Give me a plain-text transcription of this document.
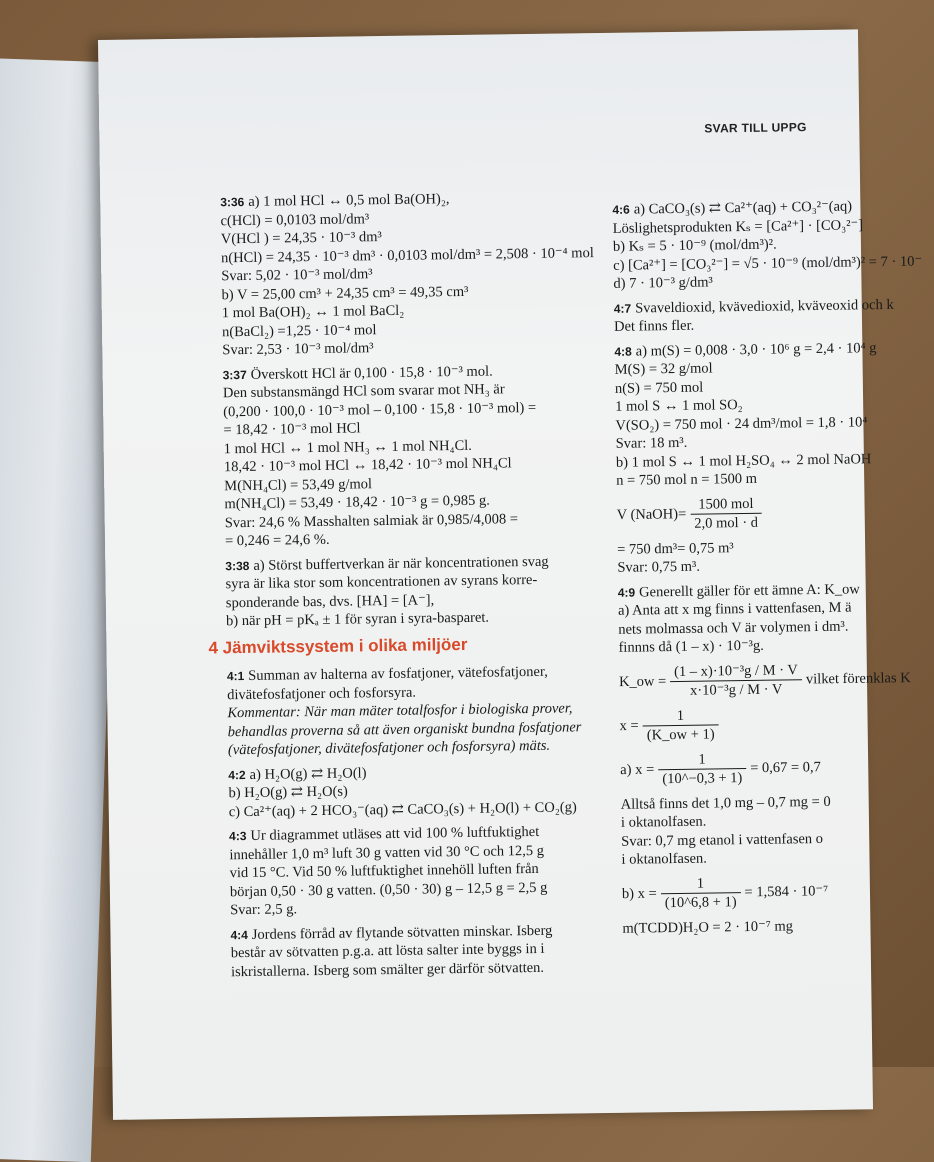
SVAR TILL UPPG
3:36 a) 1 mol HCl ↔ 0,5 mol Ba(OH)₂,
c(HCl) = 0,0103 mol/dm³
V(HCl ) = 24,35 · 10⁻³ dm³
n(HCl) = 24,35 · 10⁻³ dm³ · 0,0103 mol/dm³ = 2,508 · 10⁻⁴ mol
Svar: 5,02 · 10⁻³ mol/dm³
b) V = 25,00 cm³ + 24,35 cm³ = 49,35 cm³
1 mol Ba(OH)₂ ↔ 1 mol BaCl₂
n(BaCl₂) =1,25 · 10⁻⁴ mol
Svar: 2,53 · 10⁻³ mol/dm³
3:37 Överskott HCl är 0,100 · 15,8 · 10⁻³ mol.
Den substansmängd HCl som svarar mot NH₃ är
(0,200 · 100,0 · 10⁻³ mol – 0,100 · 15,8 · 10⁻³ mol) =
= 18,42 · 10⁻³ mol HCl
1 mol HCl ↔ 1 mol NH₃ ↔ 1 mol NH₄Cl.
18,42 · 10⁻³ mol HCl ↔ 18,42 · 10⁻³ mol NH₄Cl
M(NH₄Cl) = 53,49 g/mol
m(NH₄Cl) = 53,49 · 18,42 · 10⁻³ g = 0,985 g.
Svar: 24,6 % Masshalten salmiak är 0,985/4,008 =
= 0,246 = 24,6 %.
3:38 a) Störst buffertverkan är när koncentrationen svag
syra är lika stor som koncentrationen av syrans korre-
sponderande bas, dvs. [HA] = [A⁻],
b) när pH = pKₐ ± 1 för syran i syra-basparet.
4 Jämviktssystem i olika miljöer
4:1 Summan av halterna av fosfatjoner, vätefosfatjoner,
divätefosfatjoner och fosforsyra.
Kommentar: När man mäter totalfosfor i biologiska prover,
behandlas proverna så att även organiskt bundna fosfatjoner
(vätefosfatjoner, divätefosfatjoner och fosforsyra) mäts.
4:2 a) H₂O(g) ⇄ H₂O(l)
b) H₂O(g) ⇄ H₂O(s)
c) Ca²⁺(aq) + 2 HCO₃⁻(aq) ⇄ CaCO₃(s) + H₂O(l) + CO₂(g)
4:3 Ur diagrammet utläses att vid 100 % luftfuktighet
innehåller 1,0 m³ luft 30 g vatten vid 30 °C och 12,5 g
vid 15 °C. Vid 50 % luftfuktighet innehöll luften från
början 0,50 · 30 g vatten. (0,50 · 30) g – 12,5 g = 2,5 g
Svar: 2,5 g.
4:4 Jordens förråd av flytande sötvatten minskar. Isberg
består av sötvatten p.g.a. att lösta salter inte byggs in i
iskristallerna. Isberg som smälter ger därför sötvatten.
4:6 a) CaCO₃(s) ⇄ Ca²⁺(aq) + CO₃²⁻(aq)
Löslighetsprodukten Kₛ = [Ca²⁺] · [CO₃²⁻]
b) Kₛ = 5 · 10⁻⁹ (mol/dm³)².
c) [Ca²⁺] = [CO₃²⁻] = √5 · 10⁻⁹ (mol/dm³)² = 7 · 10⁻
d) 7 · 10⁻³ g/dm³
4:7 Svaveldioxid, kvävedioxid, kväveoxid och k
Det finns fler.
4:8 a) m(S) = 0,008 · 3,0 · 10⁶ g = 2,4 · 10⁴ g
M(S) = 32 g/mol
n(S) = 750 mol
1 mol S ↔ 1 mol SO₂
V(SO₂) = 750 mol · 24 dm³/mol = 1,8 · 10⁴
Svar: 18 m³.
b) 1 mol S ↔ 1 mol H₂SO₄ ↔ 2 mol NaOH
n = 750 mol n = 1500 m
V (NaOH)= $\frac{\text{1500 mol}}{\text{2,0 mol · d}}$
= 750 dm³= 0,75 m³
Svar: 0,75 m³.
4:9 Generellt gäller för ett ämne A: K_ow
a) Anta att x mg finns i vattenfasen, M ä
nets molmassa och V är volymen i dm³.
finnns då (1 – x) · 10⁻³g.
K_ow = $\frac{\text{(1 – x)·10⁻³g / M · V}}{\text{x·10⁻³g / M · V}}$ vilket förenklas K
$x = \frac{1}{(K\_ow + 1)}$
a) $x = \frac{1}{(10\^{}-0,3 + 1)} = 0,67 = 0,7$
Alltså finns det 1,0 mg – 0,7 mg = 0
i oktanolfasen.
Svar: 0,7 mg etanol i vattenfasen o
i oktanolfasen.
b) $x = \frac{1}{(10\^{}6,8 + 1)} = 1,584 \cdot 10^{-7}$
m(TCDD)H₂O = 2 · 10⁻⁷ mg
